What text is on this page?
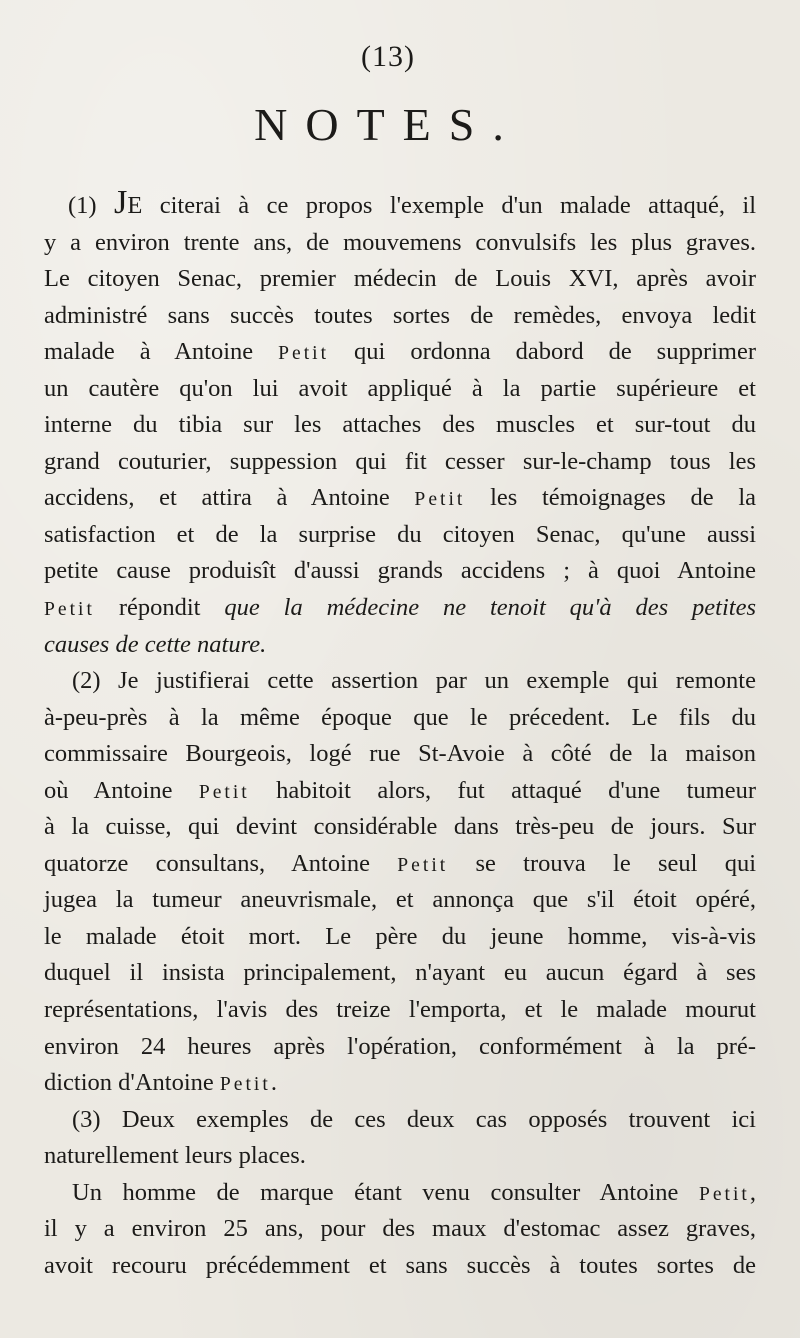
(13)
NOTES.
(1) JE citerai à ce propos l'exemple d'un malade attaqué, il
y a environ trente ans, de mouvemens convulsifs les plus graves.
Le citoyen Senac, premier médecin de Louis XVI, après avoir
administré sans succès toutes sortes de remèdes, envoya ledit
malade à Antoine Petit qui ordonna dabord de supprimer
un cautère qu'on lui avoit appliqué à la partie supérieure et
interne du tibia sur les attaches des muscles et sur-tout du
grand couturier, suppession qui fit cesser sur-le-champ tous les
accidens, et attira à Antoine Petit les témoignages de la
satisfaction et de la surprise du citoyen Senac, qu'une aussi
petite cause produisît d'aussi grands accidens ; à quoi Antoine
Petit répondit que la médecine ne tenoit qu'à des petites
causes de cette nature.
(2) Je justifierai cette assertion par un exemple qui remonte
à-peu-près à la même époque que le précedent. Le fils du
commissaire Bourgeois, logé rue St-Avoie à côté de la maison
où Antoine Petit habitoit alors, fut attaqué d'une tumeur
à la cuisse, qui devint considérable dans très-peu de jours. Sur
quatorze consultans, Antoine Petit se trouva le seul qui
jugea la tumeur aneuvrismale, et annonça que s'il étoit opéré,
le malade étoit mort. Le père du jeune homme, vis-à-vis
duquel il insista principalement, n'ayant eu aucun égard à ses
représentations, l'avis des treize l'emporta, et le malade mourut
environ 24 heures après l'opération, conformément à la pré-
diction d'Antoine Petit.
(3) Deux exemples de ces deux cas opposés trouvent ici
naturellement leurs places.
Un homme de marque étant venu consulter Antoine Petit,
il y a environ 25 ans, pour des maux d'estomac assez graves,
avoit recouru précédemment et sans succès à toutes sortes de
